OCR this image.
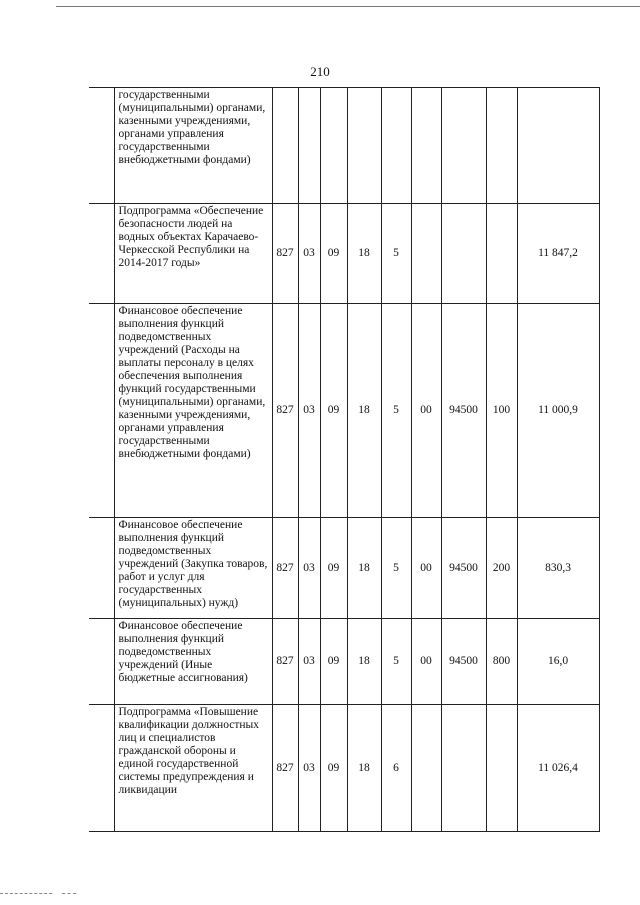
210
	государственными (муниципальными) органами, казенными учреждениями, органами управления государственными внебюджетными фондами)									
	Подпрограмма «Обеспечение безопасности людей на водных объектах Карачаево-Черкесской Республики на 2014-2017 годы»	827	03	09	18	5				11 847,2
	Финансовое обеспечение выполнения функций подведомственных учреждений (Расходы на выплаты персоналу в целях обеспечения выполнения функций государственными (муниципальными) органами, казенными учреждениями, органами управления государственными внебюджетными фондами)	827	03	09	18	5	00	94500	100	11 000,9
	Финансовое обеспечение выполнения функций подведомственных учреждений (Закупка товаров, работ и услуг для государственных (муниципальных) нужд)	827	03	09	18	5	00	94500	200	830,3
	Финансовое обеспечение выполнения функций подведомственных учреждений (Иные бюджетные ассигнования)	827	03	09	18	5	00	94500	800	16,0
	Подпрограмма «Повышение квалификации должностных лиц и специалистов гражданской обороны и единой государственной системы предупреждения и ликвидации	827	03	09	18	6				11 026,4
